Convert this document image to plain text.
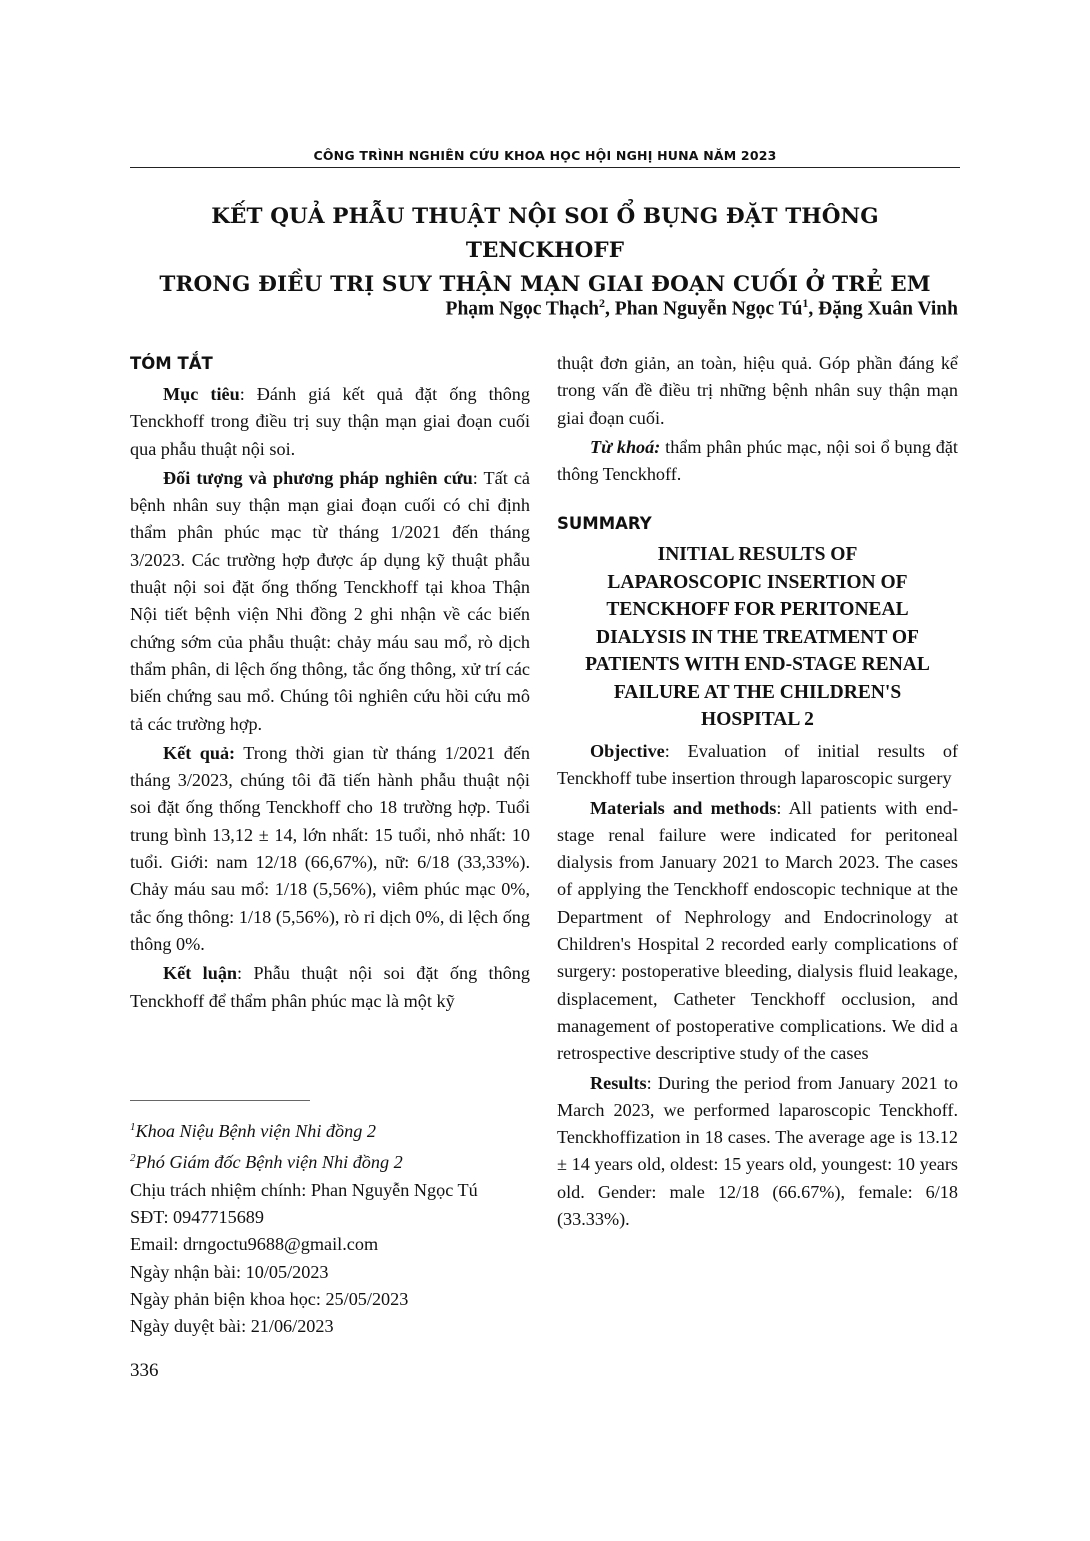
CÔNG TRÌNH NGHIÊN CỨU KHOA HỌC HỘI NGHỊ HUNA NĂM 2023
KẾT QUẢ PHẪU THUẬT NỘI SOI Ổ BỤNG ĐẶT THÔNG TENCKHOFF
TRONG ĐIỀU TRỊ SUY THẬN MẠN GIAI ĐOẠN CUỐI Ở TRẺ EM
Phạm Ngọc Thạch$^2$, Phan Nguyễn Ngọc $Tú^1$, Đặng Xuân Vinh
TÓM TẮT

Mục tiêu: Đánh giá kết quả đặt ống thông Tenckhoff trong điều trị suy thận mạn giai đoạn cuối qua phẫu thuật nội soi.

Đối tượng và phương pháp nghiên cứu: Tất cả bệnh nhân suy thận mạn giai đoạn cuối có chỉ định thẩm phân phúc mạc từ tháng 1/2021 đến tháng 3/2023. Các trường hợp được áp dụng kỹ thuật phẫu thuật nội soi đặt ống thống Tenckhoff tại khoa Thận Nội tiết bệnh viện Nhi đồng 2 ghi nhận về các biến chứng sớm của phẫu thuật: chảy máu sau mổ, rò dịch thẩm phân, di lệch ống thông, tắc ống thông, xử trí các biến chứng sau mổ. Chúng tôi nghiên cứu hồi cứu mô tả các trường hợp.

Kết quả: Trong thời gian từ tháng 1/2021 đến tháng 3/2023, chúng tôi đã tiến hành phẫu thuật nội soi đặt ống thống Tenckhoff cho 18 trường hợp. Tuổi trung bình 13,12 ± 14, lớn nhất: 15 tuổi, nhỏ nhất: 10 tuổi. Giới: nam 12/18 (66,67%), nữ: 6/18 (33,33%). Chảy máu sau mổ: 1/18 (5,56%), viêm phúc mạc 0%, tắc ống thông: 1/18 (5,56%), rò rỉ dịch 0%, di lệch ống thông 0%.

Kết luận: Phẫu thuật nội soi đặt ống thông Tenckhoff để thẩm phân phúc mạc là một kỹ

$^1$Khoa Niệu Bệnh viện Nhi đồng 2
$^2$Phó Giám đốc Bệnh viện Nhi đồng 2
Chịu trách nhiệm chính: Phan Nguyễn Ngọc Tú
SĐT: 0947715689
Email: drngoctu9688@gmail.com
Ngày nhận bài: 10/05/2023
Ngày phản biện khoa học: 25/05/2023
Ngày duyệt bài: 21/06/2023
336

thuật đơn giản, an toàn, hiệu quả. Góp phần đáng kể trong vấn đề điều trị những bệnh nhân suy thận mạn giai đoạn cuối.

Từ khoá: thẩm phân phúc mạc, nội soi ổ bụng đặt thông Tenckhoff.

SUMMARY
INITIAL RESULTS OF
LAPAROSCOPIC INSERTION OF
TENCKHOFF FOR PERITONEAL
DIALYSIS IN THE TREATMENT OF
PATIENTS WITH END-STAGE RENAL
FAILURE AT THE CHILDREN'S
HOSPITAL 2

Objective: Evaluation of initial results of Tenckhoff tube insertion through laparoscopic surgery

Materials and methods: All patients with end-stage renal failure were indicated for peritoneal dialysis from January 2021 to March 2023. The cases of applying the Tenckhoff endoscopic technique at the Department of Nephrology and Endocrinology at Children's Hospital 2 recorded early complications of surgery: postoperative bleeding, dialysis fluid leakage, displacement, Catheter Tenckhoff occlusion, and management of postoperative complications. We did a retrospective descriptive study of the cases

Results: During the period from January 2021 to March 2023, we performed laparoscopic Tenckhoff. Tenckhoffization in 18 cases. The average age is 13.12 ± 14 years old, oldest: 15 years old, youngest: 10 years old. Gender: male 12/18 (66.67%), female: 6/18 (33.33%).
